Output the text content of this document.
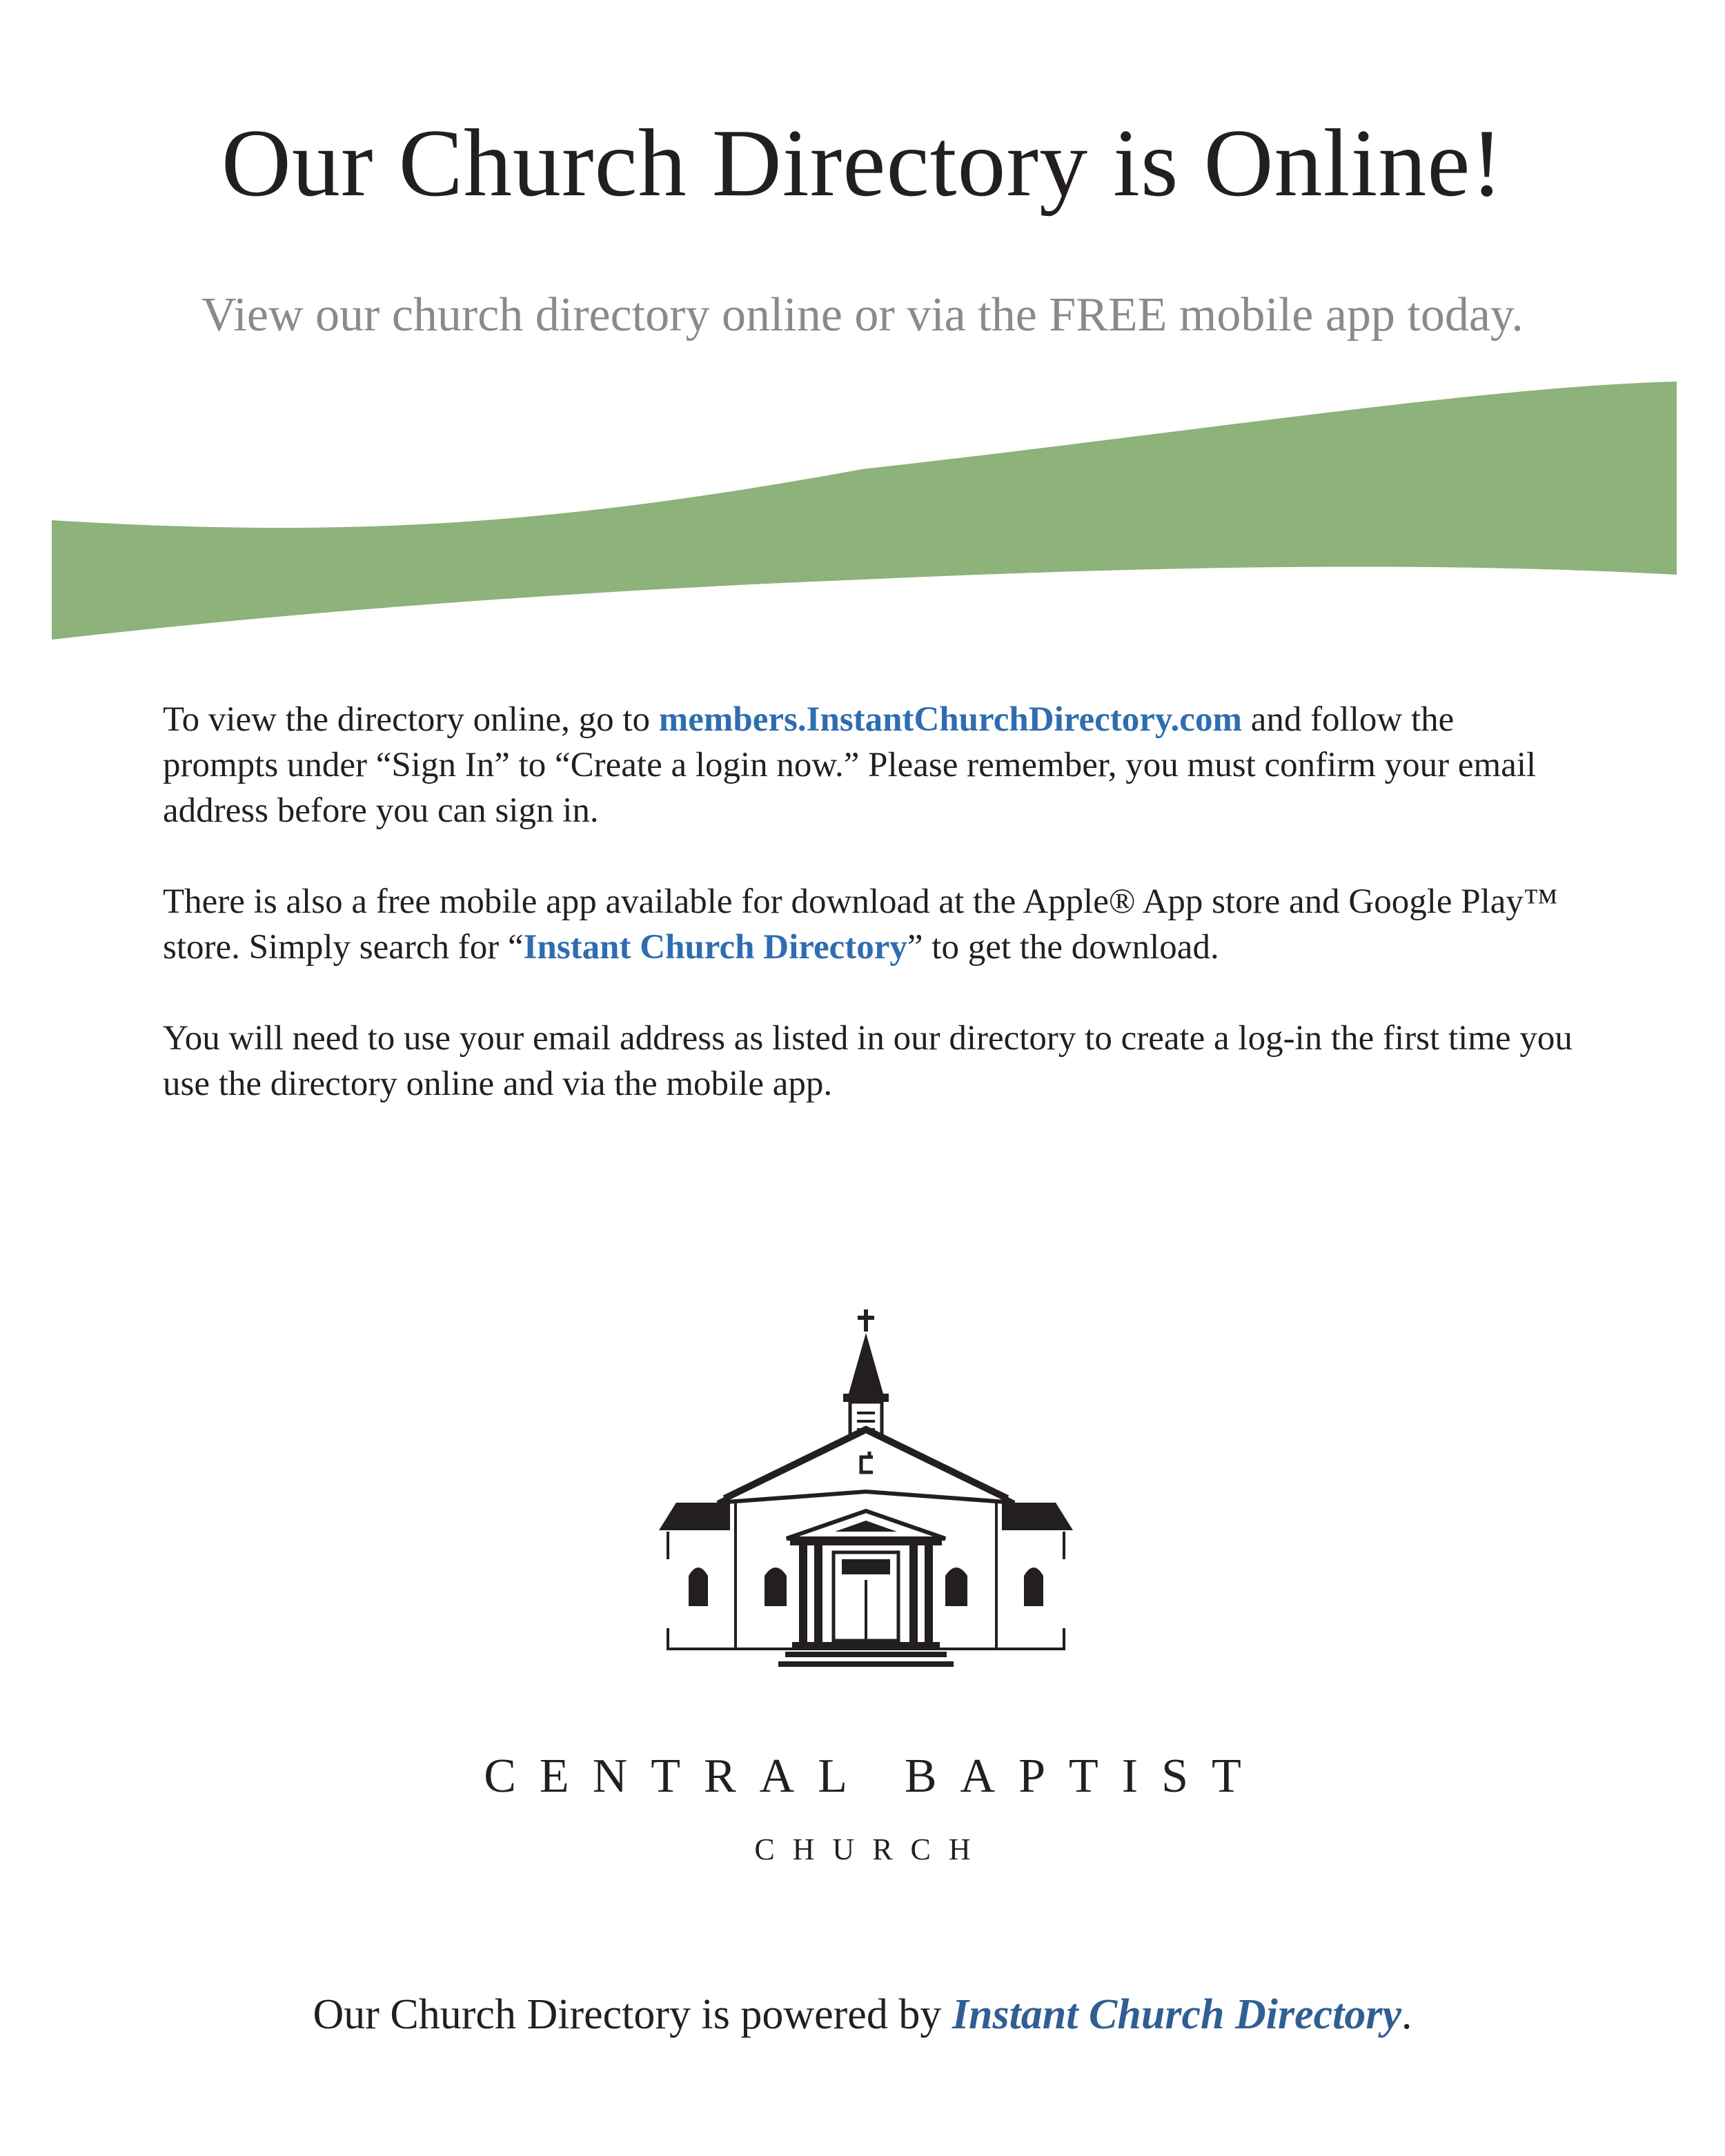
Our Church Directory is Online!
View our church directory online or via the FREE mobile app today.

To view the directory online, go to members.InstantChurchDirectory.com and follow the prompts under “Sign In” to “Create a login now.” Please remember, you must confirm your email address before you can sign in.

There is also a free mobile app available for download at the Apple® App store and Google Play™ store. Simply search for “Instant Church Directory” to get the download.

You will need to use your email address as listed in our directory to create a log-in the first time you use the directory online and via the mobile app.

CENTRAL BAPTIST
CHURCH
Our Church Directory is powered by Instant Church Directory.
